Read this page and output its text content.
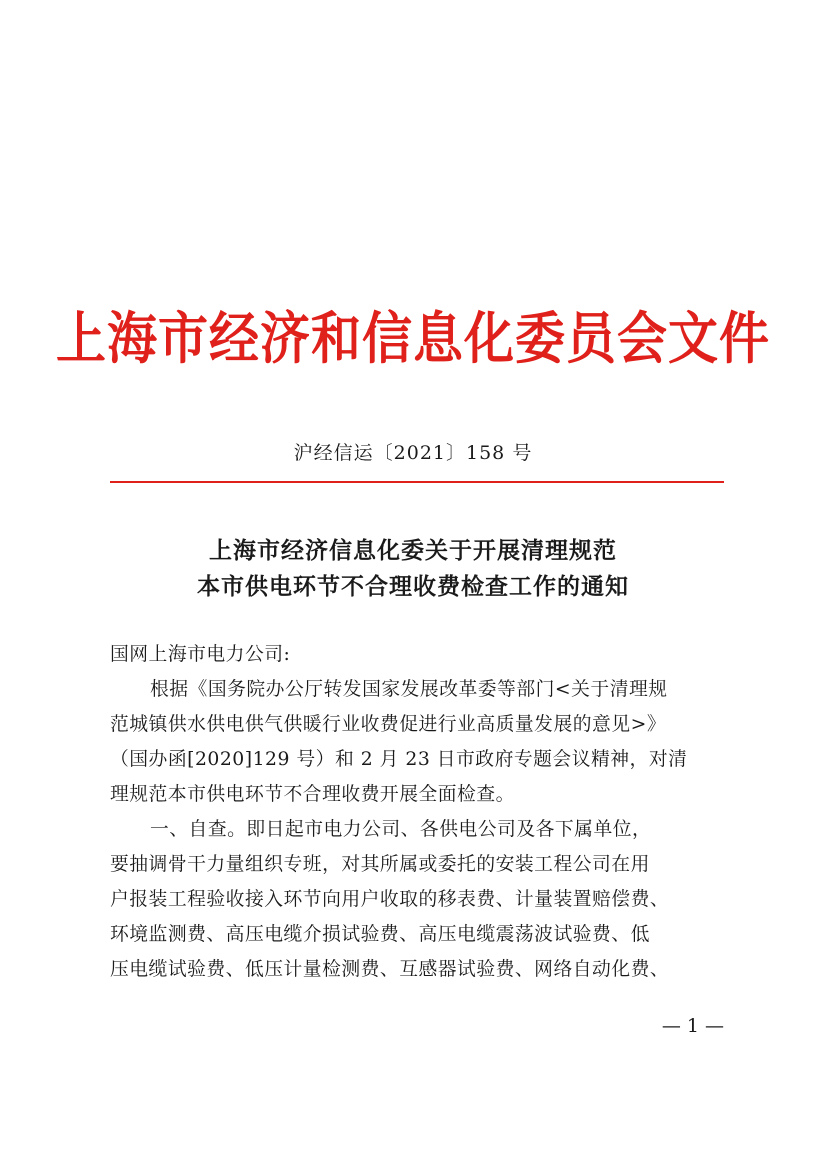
上海市经济和信息化委员会文件
沪经信运〔2021〕158 号
上海市经济信息化委关于开展清理规范
本市供电环节不合理收费检查工作的通知
国网上海市电力公司:
根据《国务院办公厅转发国家发展改革委等部门<关于清理规
范城镇供水供电供气供暖行业收费促进行业高质量发展的意见>》
（国办函[2020]129 号）和 2 月 23 日市政府专题会议精神，对清
理规范本市供电环节不合理收费开展全面检查。
一、自查。即日起市电力公司、各供电公司及各下属单位，
要抽调骨干力量组织专班，对其所属或委托的安装工程公司在用
户报装工程验收接入环节向用户收取的移表费、计量装置赔偿费、
环境监测费、高压电缆介损试验费、高压电缆震荡波试验费、低
压电缆试验费、低压计量检测费、互感器试验费、网络自动化费、
— 1 —
